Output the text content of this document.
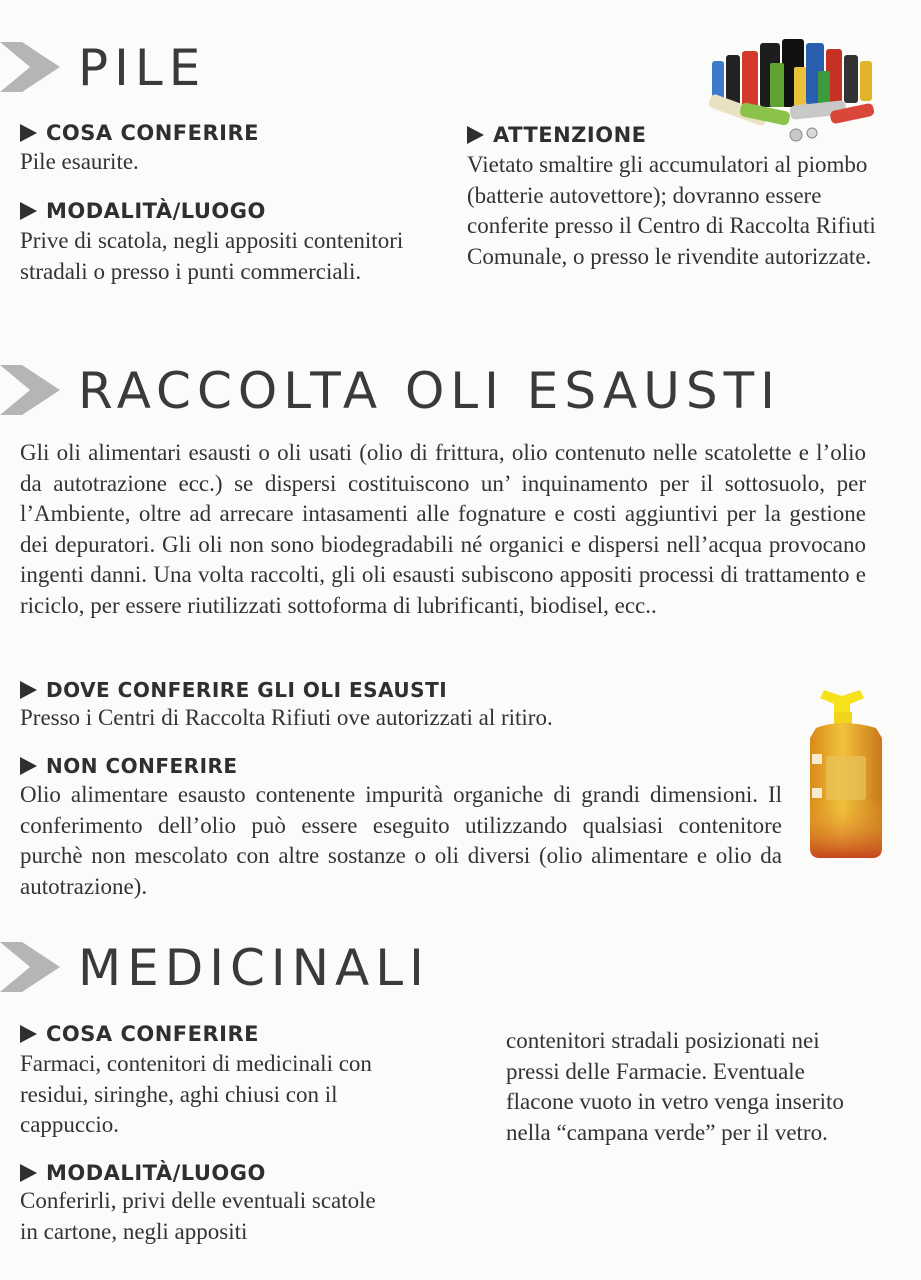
PILE
COSA CONFERIRE

Pile esaurite.

MODALITÀ/LUOGO

Prive di scatola, negli appositi contenitori stradali o presso i punti commerciali.

ATTENZIONE

Vietato smaltire gli accumulatori al piombo (batterie autovettore); dovranno essere conferite presso il Centro di Raccolta Rifiuti Comunale, o presso le rivendite autorizzate.

RACCOLTA OLI ESAUSTI

Gli oli alimentari esausti o oli usati (olio di frittura, olio contenuto nelle scatolette e l’olio da autotrazione ecc.) se dispersi costituiscono un’ inquinamento per il sottosuolo, per l’Ambiente, oltre ad arrecare intasamenti alle fognature e costi aggiuntivi per la gestione dei depuratori. Gli oli non sono biodegradabili né organici e dispersi nell’acqua provocano ingenti danni. Una volta raccolti, gli oli esausti subiscono appositi processi di trattamento e riciclo, per essere riutilizzati sottoforma di lubrificanti, biodisel, ecc..

DOVE CONFERIRE GLI OLI ESAUSTI

Presso i Centri di Raccolta Rifiuti ove autorizzati al ritiro.

NON CONFERIRE

Olio alimentare esausto contenente impurità organiche di grandi dimensioni. Il conferimento dell’olio può essere eseguito utilizzando qualsiasi contenitore purchè non mescolato con altre sostanze o oli diversi (olio alimentare e olio da autotrazione).

MEDICINALI
COSA CONFERIRE

Farmaci, contenitori di medicinali con residui, siringhe, aghi chiusi con il cappuccio.

MODALITÀ/LUOGO

Conferirli, privi delle eventuali scatole in cartone, negli appositi

contenitori stradali posizionati nei pressi delle Farmacie. Eventuale flacone vuoto in vetro venga inserito nella “campana verde” per il vetro.
